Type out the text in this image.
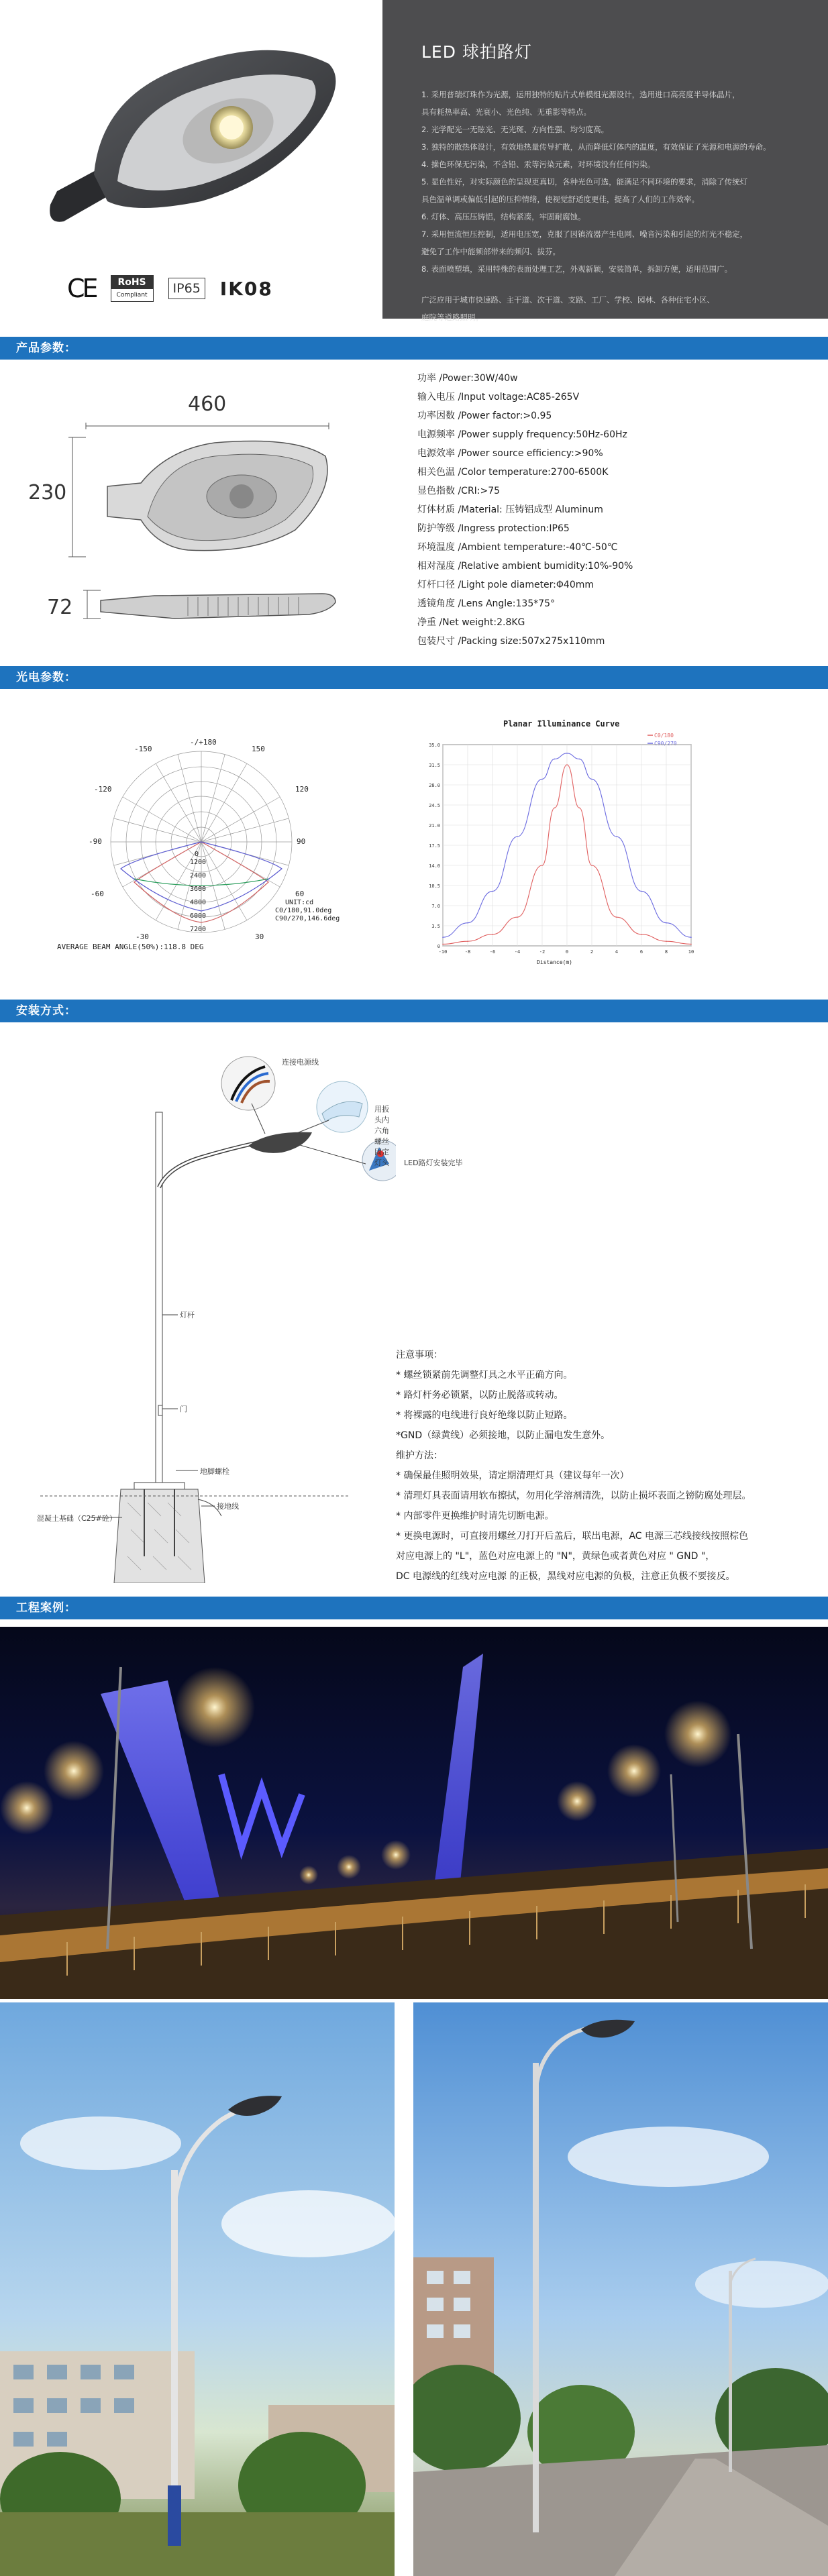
CE	RoHS
Compliant	IP65 IK08
LED 球拍路灯

1. 采用普瑞灯珠作为光源，运用独特的贴片式单模组光源设计，选用进口高亮度半导体晶片，

具有耗热率高、光衰小、光色纯、无重影等特点。

2. 光学配光一无眩光、无光斑、方向性强、均匀度高。

3. 独特的散热体设计，有效地热量传导扩散，从而降低灯体内的温度，有效保证了光源和电源的寿命。

4. 操色环保无污染，不含铅、汞等污染元素，对环境没有任何污染。

5. 显色性好，对实际颜色的呈现更真切，各种光色可选，能满足不同环境的要求，消除了传统灯

具色温单调或偏低引起的压抑情绪，使视觉舒适度更佳，提高了人们的工作效率。

6. 灯体、高压压铸铝，结构紧凑，牢固耐腐蚀。

7. 采用恒流恒压控制，适用电压宽，克服了因镇流器产生电网、噪音污染和引起的灯光不稳定，

避免了工作中能频部带来的频闪、拔芬。

8. 表面喷塑填，采用特殊的表面处理工艺，外观新颖，安装简单，拆卸方便，适用范围广。

广泛应用于城市快速路、主干道、次干道、支路、工厂、学校、园林、各种住宅小区、

庭院等道路照明。

产品参数：
460
230
72
功率 /Power:30W/40w
输入电压 /Input voltage:AC85-265V
功率因数 /Power factor:>0.95
电源频率 /Power supply frequency:50Hz-60Hz
电源效率 /Power source efficiency:>90%
相关色温 /Color temperature:2700-6500K
显色指数 /CRI:>75
灯体材质 /Material: 压铸铝成型 Aluminum
防护等级 /Ingress protection:IP65
环境温度 /Ambient temperature:-40℃-50℃
相对湿度 /Relative ambient bumidity:10%-90%
灯杆口径 /Light pole diameter:Φ40mm
透镜角度 /Lens Angle:135*75°
净重 /Net weight:2.8KG
包装尺寸 /Packing size:507x275x110mm
光电参数：
-150
-/+180
150
-120
-90
-60
-30
120
90
60
30
0
1200
2400
3600
4800
6000
7200
UNIT:cd
C0/180,91.0deg
C90/270,146.6deg
AVERAGE BEAM ANGLE(50%):118.8 DEG
Planar Illuminance Curve
C0/180
C90/270
Distance(m)
0
3.5
7.0
10.5
14.0
17.5
21.0
24.5
28.0
31.5
35.0
-10	-8	-6	-4	-2	0	2	4	6	8	10
安装方式：
连接电源线
用扳头内六角螺丝固定灯头	LED路灯安装完毕
灯杆
门
地脚螺栓
接地线
混凝土基础（C25#砼）
注意事项：
* 螺丝锁紧前先调整灯具之水平正确方向。
* 路灯杆务必锁紧，以防止脱落或转动。
* 将裸露的电线进行良好绝缘以防止短路。
*GND（绿黄线）必须接地，以防止漏电发生意外。
维护方法：
* 确保最佳照明效果，请定期清理灯具（建议每年一次）
* 清理灯具表面请用软布擦拭，勿用化学溶剂清洗，以防止损坏表面之镑防腐处理层。
* 内部零件更换维护时请先切断电源。
* 更换电源时，可直接用螺丝刀打开后盖后，联出电源，AC 电源三芯线接线按照棕色
对应电源上的 "L"，蓝色对应电源上的 "N"，黄绿色或者黄色对应 " GND "，
DC 电源线的红线对应电源 的正极，黑线对应电源的负极，注意正负极不要接反。
工程案例：
